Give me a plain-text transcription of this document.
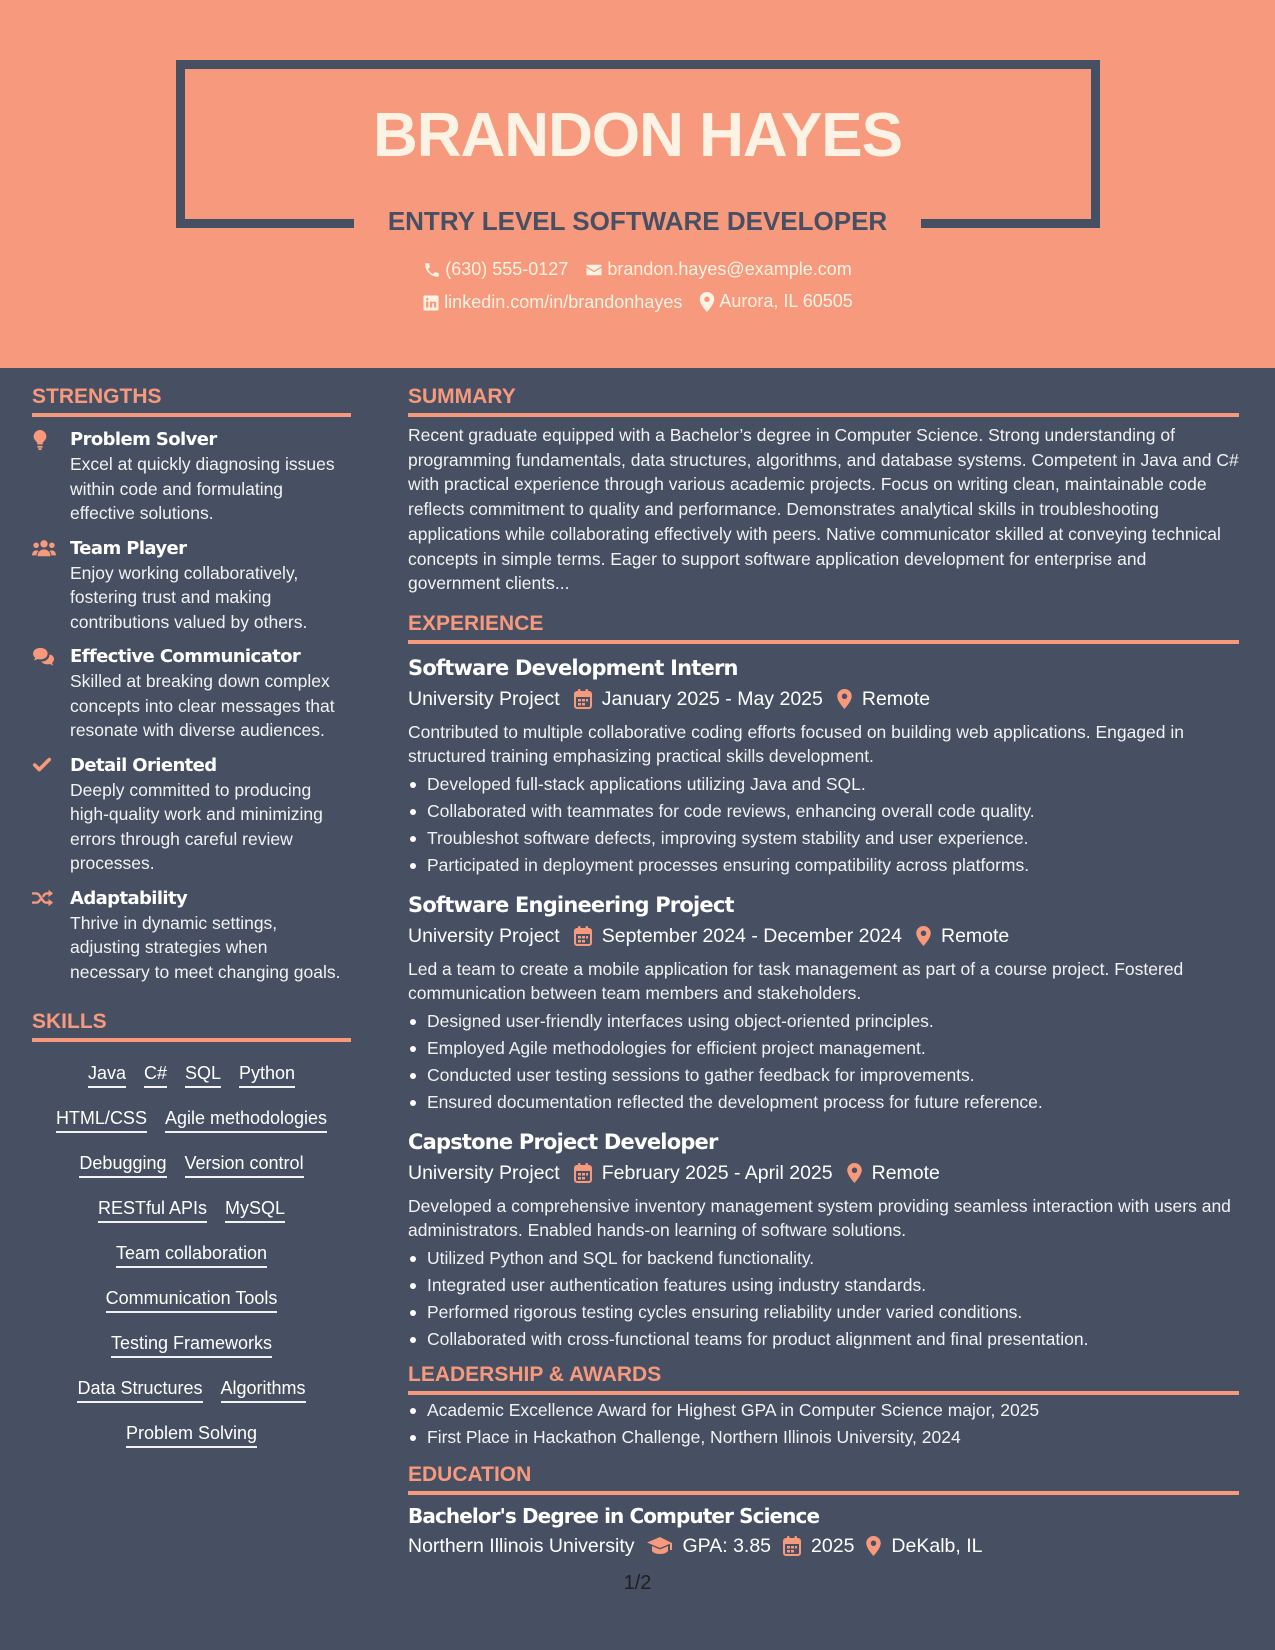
BRANDON HAYES
ENTRY LEVEL SOFTWARE DEVELOPER
(630) 555-0127
brandon.hayes@example.com
linkedin.com/in/brandonhayes
Aurora, IL 60505
STRENGTHS
Problem Solver
Excel at quickly diagnosing issues within code and formulating effective solutions.
Team Player
Enjoy working collaboratively, fostering trust and making contributions valued by others.
Effective Communicator
Skilled at breaking down complex concepts into clear messages that resonate with diverse audiences.
Detail Oriented
Deeply committed to producing high-quality work and minimizing errors through careful review processes.
Adaptability
Thrive in dynamic settings, adjusting strategies when necessary to meet changing goals.
SKILLS
Java C# SQL Python
HTML/CSS Agile methodologies
Debugging Version control
RESTful APIs MySQL
Team collaboration
Communication Tools
Testing Frameworks
Data Structures Algorithms
Problem Solving
SUMMARY
Recent graduate equipped with a Bachelor’s degree in Computer Science. Strong understanding of programming fundamentals, data structures, algorithms, and database systems. Competent in Java and C# with practical experience through various academic projects. Focus on writing clean, maintainable code reflects commitment to quality and performance. Demonstrates analytical skills in troubleshooting applications while collaborating effectively with peers. Native communicator skilled at conveying technical concepts in simple terms. Eager to support software application development for enterprise and government clients...
EXPERIENCE
Software Development Intern
University Project January 2025 - May 2025 Remote
Contributed to multiple collaborative coding efforts focused on building web applications. Engaged in structured training emphasizing practical skills development.
Developed full-stack applications utilizing Java and SQL.
Collaborated with teammates for code reviews, enhancing overall code quality.
Troubleshot software defects, improving system stability and user experience.
Participated in deployment processes ensuring compatibility across platforms.
Software Engineering Project
University Project September 2024 - December 2024 Remote
Led a team to create a mobile application for task management as part of a course project. Fostered communication between team members and stakeholders.
Designed user-friendly interfaces using object-oriented principles.
Employed Agile methodologies for efficient project management.
Conducted user testing sessions to gather feedback for improvements.
Ensured documentation reflected the development process for future reference.
Capstone Project Developer
University Project February 2025 - April 2025 Remote
Developed a comprehensive inventory management system providing seamless interaction with users and administrators. Enabled hands-on learning of software solutions.
Utilized Python and SQL for backend functionality.
Integrated user authentication features using industry standards.
Performed rigorous testing cycles ensuring reliability under varied conditions.
Collaborated with cross-functional teams for product alignment and final presentation.
LEADERSHIP & AWARDS
Academic Excellence Award for Highest GPA in Computer Science major, 2025
First Place in Hackathon Challenge, Northern Illinois University, 2024
EDUCATION
Bachelor's Degree in Computer Science
Northern Illinois University GPA: 3.85 2025 DeKalb, IL
1/2
